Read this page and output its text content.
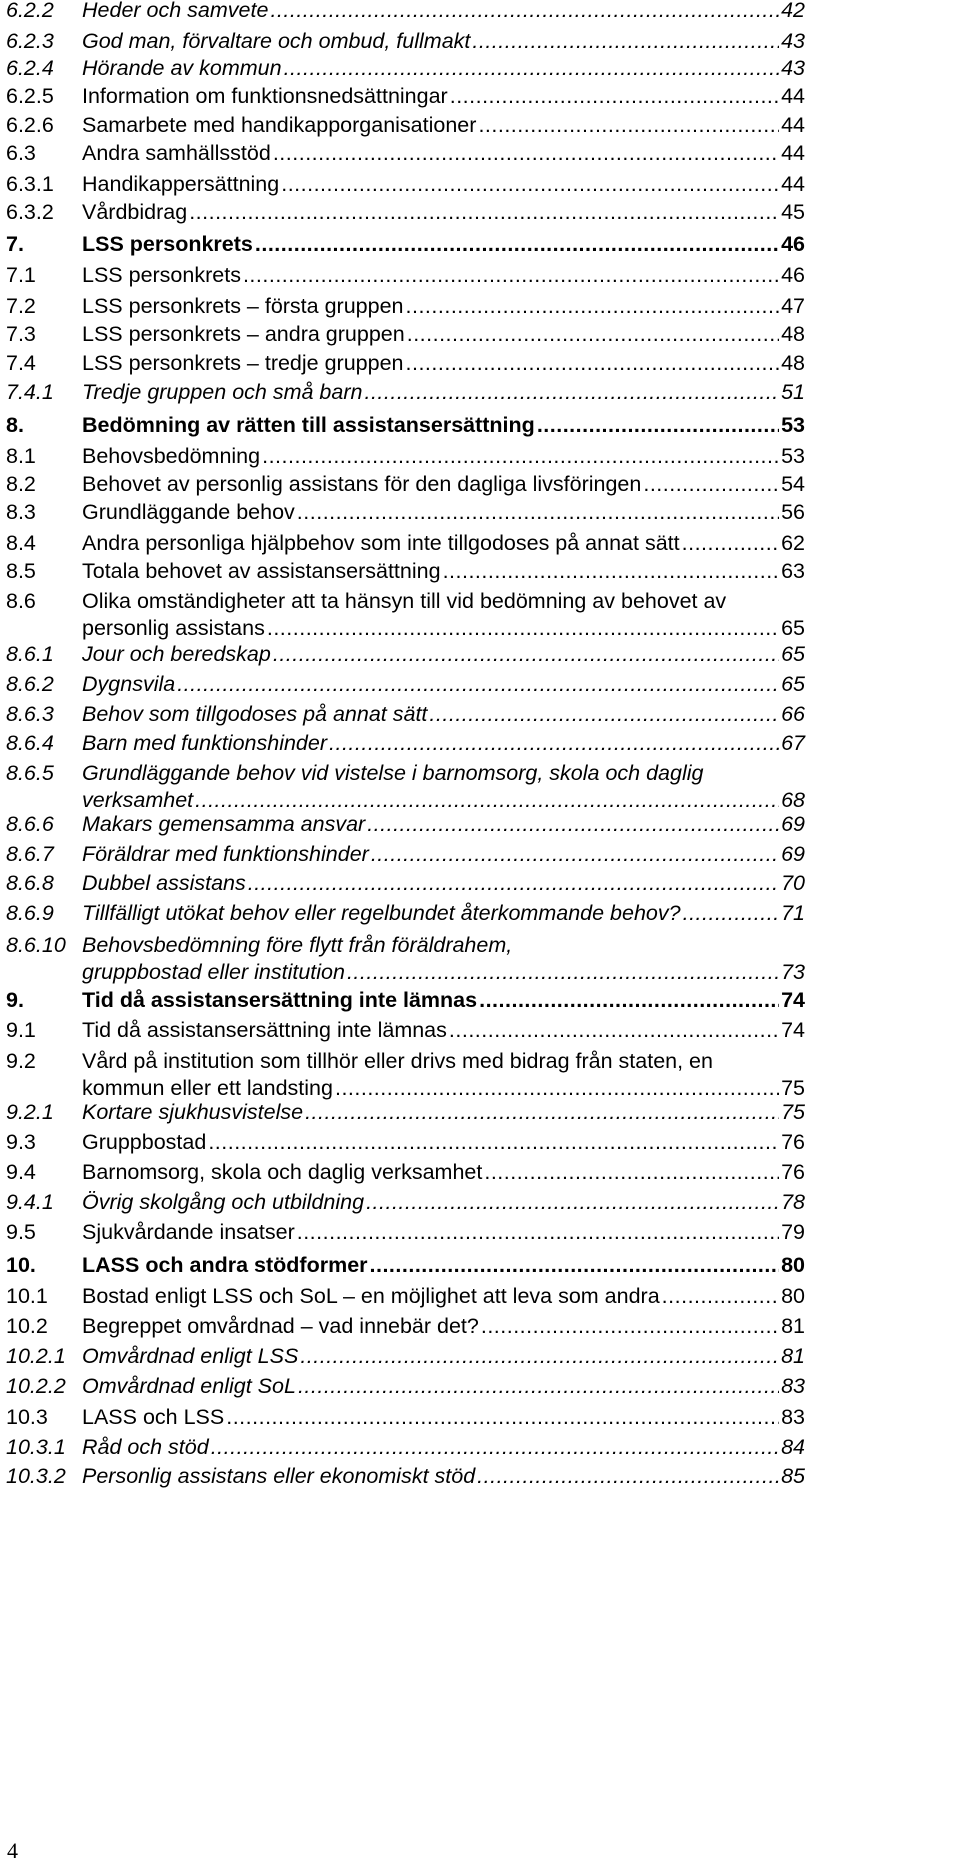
6.2.2 Heder och samvete .....	42
6.2.3 God man, förvaltare och ombud, fullmakt .....	43
6.2.4 Hörande av kommun .....	43
6.2.5 Information om funktionsnedsättningar .....	44
6.2.6 Samarbete med handikapporganisationer .....	44
6.3 Andra samhällsstöd .....	44
6.3.1 Handikappersättning .....	44
6.3.2 Vårdbidrag .....	45
7.	LSS personkrets .....	46
7.1 LSS personkrets .....	46
7.2 LSS personkrets – första gruppen .....	47
7.3 LSS personkrets – andra gruppen .....	48
7.4 LSS personkrets – tredje gruppen .....	48
7.4.1 Tredje gruppen och små barn .....	51
8.	Bedömning av rätten till assistansersättning .....	53
8.1 Behovsbedömning .....	53
8.2 Behovet av personlig assistans för den dagliga livsföringen .....	54
8.3 Grundläggande behov .....	56
8.4 Andra personliga hjälpbehov som inte tillgodoses på annat sätt .....	62
8.5 Totala behovet av assistansersättning .....	63
8.6 Olika omständigheter att ta hänsyn till vid bedömning av behovet av
personlig assistans .....	65
8.6.1 Jour och beredskap .....	65
8.6.2 Dygnsvila .....	65
8.6.3 Behov som tillgodoses på annat sätt .....	66
8.6.4 Barn med funktionshinder .....	67
8.6.5 Grundläggande behov vid vistelse i barnomsorg, skola och daglig
verksamhet .....	68
8.6.6 Makars gemensamma ansvar .....	69
8.6.7 Föräldrar med funktionshinder .....	69
8.6.8 Dubbel assistans .....	70
8.6.9 Tillfälligt utökat behov eller regelbundet återkommande behov? .....	71
8.6.10 Behovsbedömning före flytt från föräldrahem,
gruppbostad eller institution .....	73
9.	Tid då assistansersättning inte lämnas .....	74
9.1 Tid då assistansersättning inte lämnas .....	74
9.2 Vård på institution som tillhör eller drivs med bidrag från staten, en
kommun eller ett landsting .....	75
9.2.1 Kortare sjukhusvistelse .....	75
9.3 Gruppbostad .....	76
9.4 Barnomsorg, skola och daglig verksamhet .....	76
9.4.1 Övrig skolgång och utbildning .....	78
9.5 Sjukvårdande insatser .....	79
10. LASS och andra stödformer .....	80
10.1 Bostad enligt LSS och SoL – en möjlighet att leva som andra .....	80
10.2 Begreppet omvårdnad – vad innebär det? .....	81
10.2.1 Omvårdnad enligt LSS .....	81
10.2.2 Omvårdnad enligt SoL .....	83
10.3 LASS och LSS .....	83
10.3.1 Råd och stöd .....	84
10.3.2 Personlig assistans eller ekonomiskt stöd .....	85
4
